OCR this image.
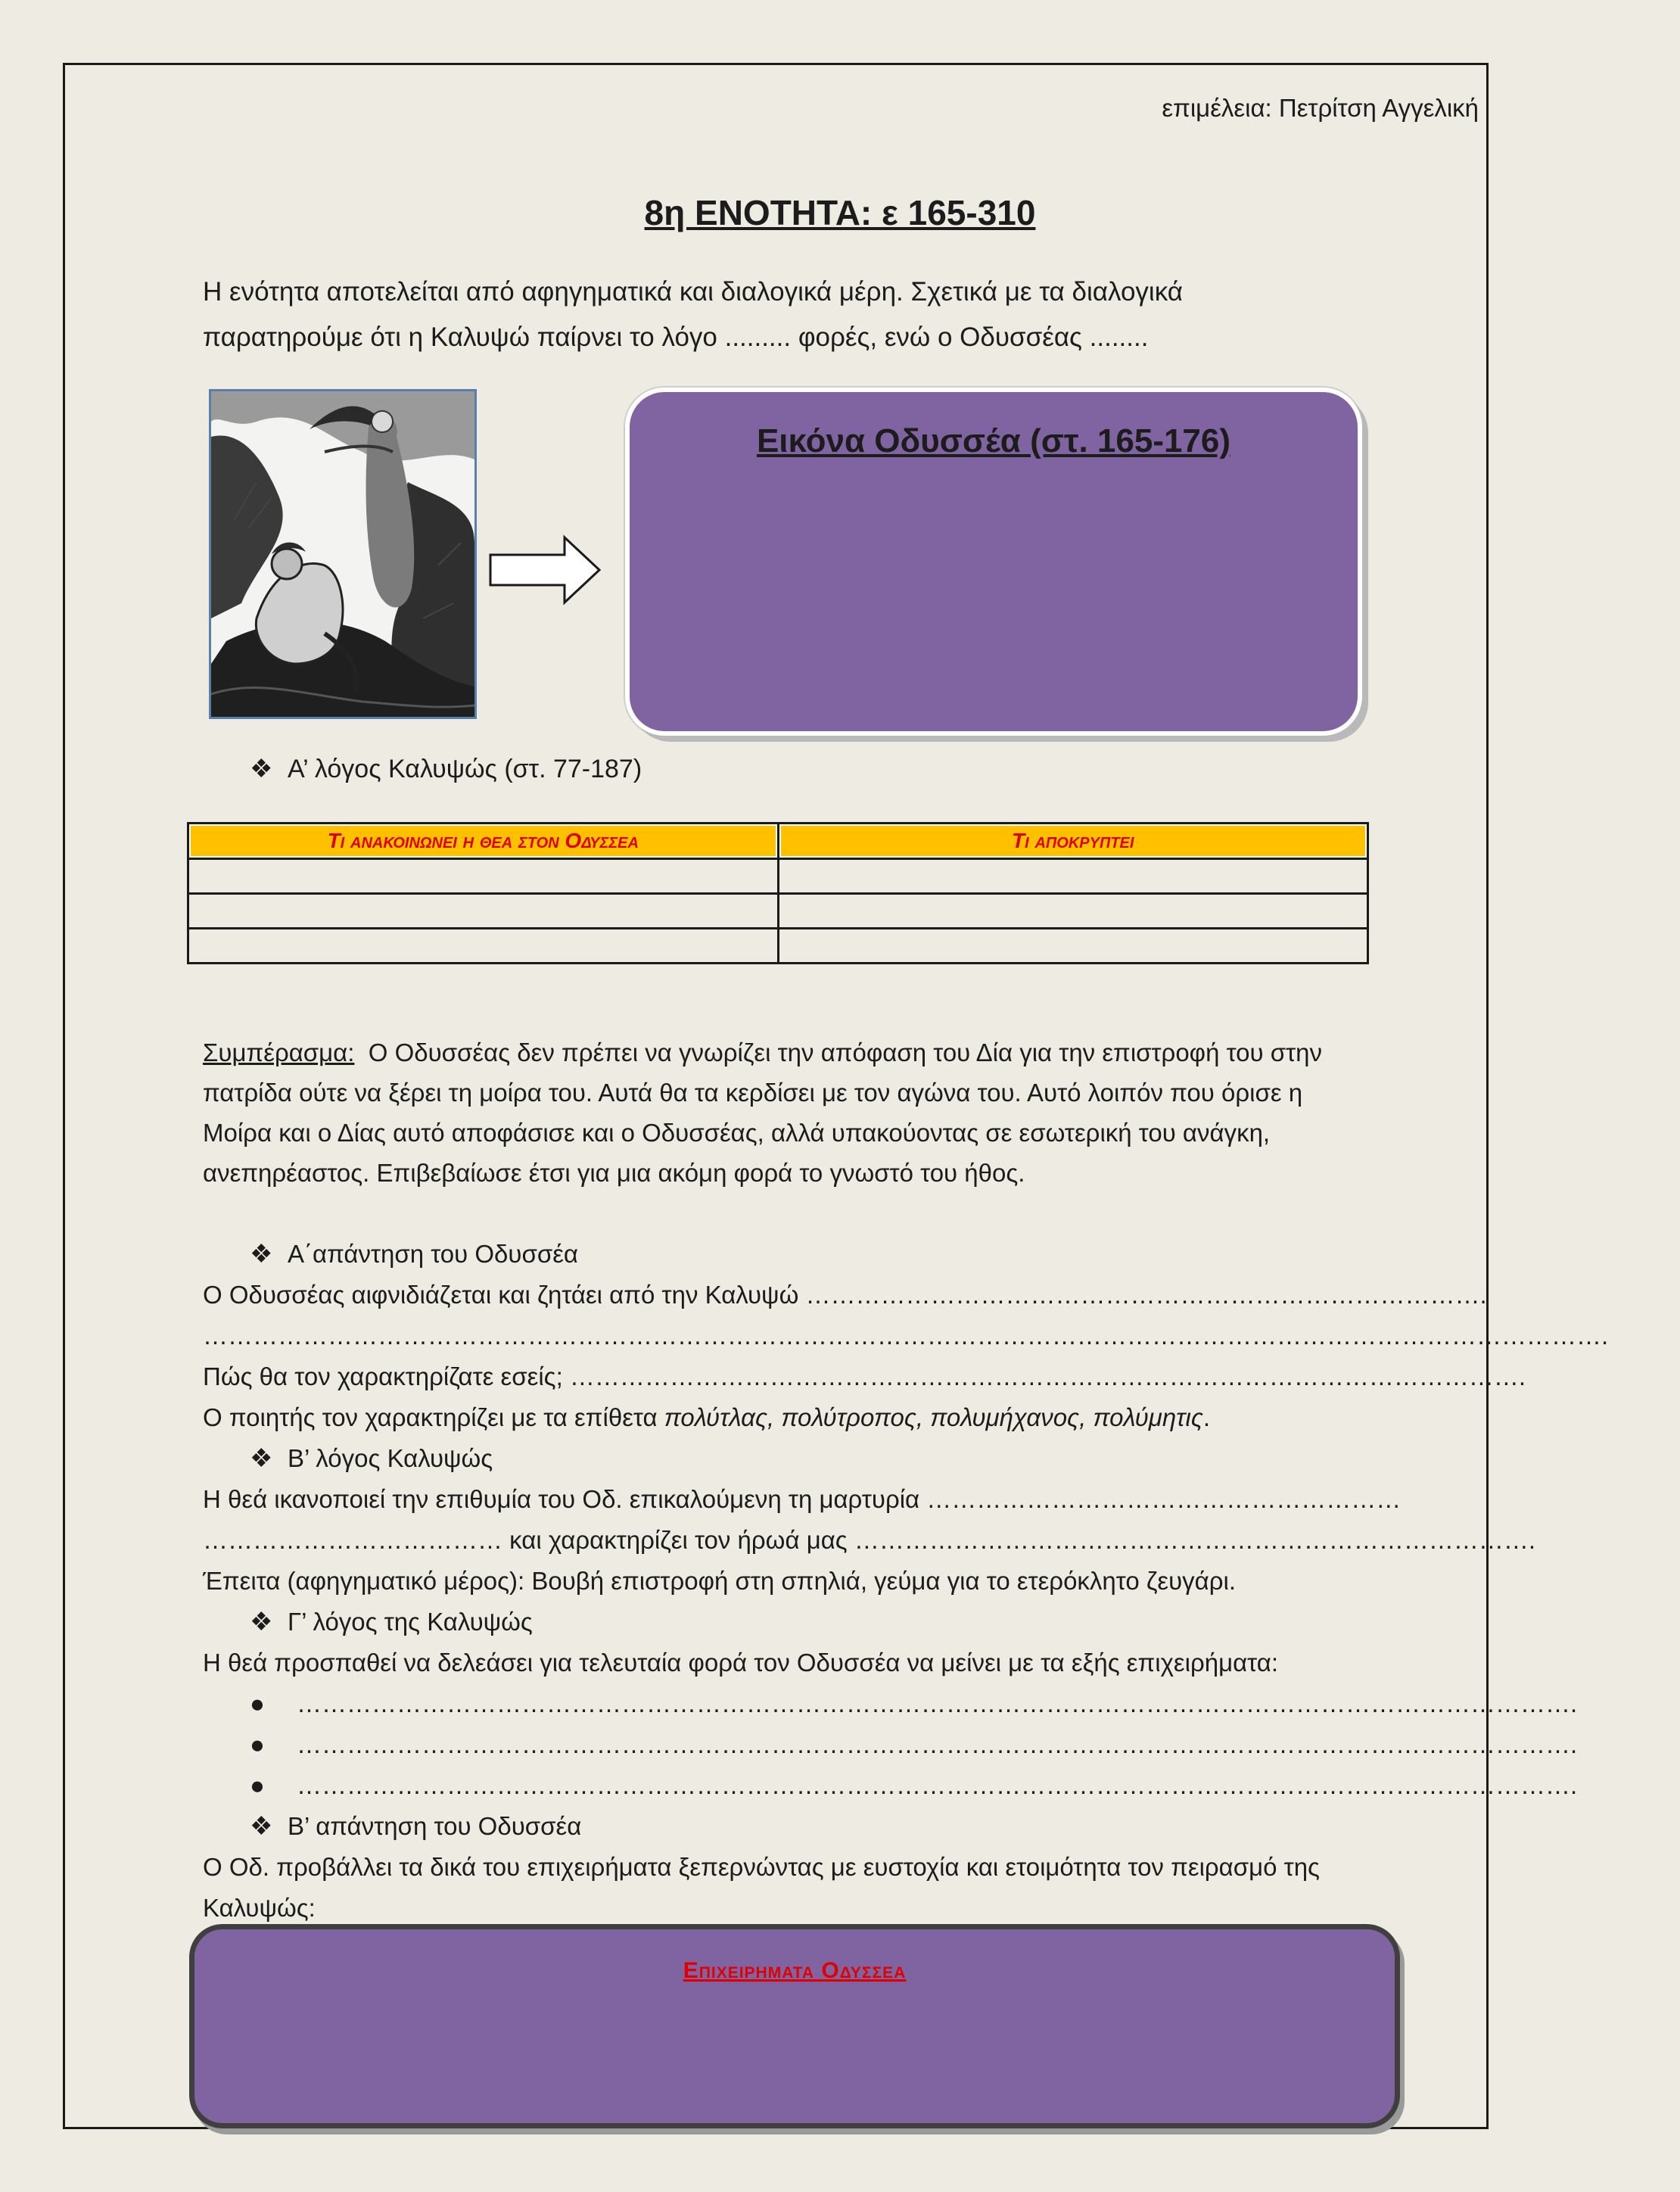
επιμέλεια: Πετρίτση Αγγελική
8η ΕΝΟΤΗΤΑ: ε 165-310
Η ενότητα αποτελείται από αφηγηματικά και διαλογικά μέρη. Σχετικά με τα διαλογικά
παρατηρούμε ότι η Καλυψώ παίρνει το λόγο ......... φορές, ενώ ο Οδυσσέας ........
Εικόνα Οδυσσέα (στ. 165-176)
❖ Α’ λόγος Καλυψώς (στ. 77-187)
Τι ανακοινωνει η θεα στον Οδυσσεα	Τι αποκρυπτει

Συμπέρασμα: Ο Οδυσσέας δεν πρέπει να γνωρίζει την απόφαση του Δία για την επιστροφή του στην
πατρίδα ούτε να ξέρει τη μοίρα του. Αυτά θα τα κερδίσει με τον αγώνα του. Αυτό λοιπόν που όρισε η
Μοίρα και ο Δίας αυτό αποφάσισε και ο Οδυσσέας, αλλά υπακούοντας σε εσωτερική του ανάγκη,
ανεπηρέαστος. Επιβεβαίωσε έτσι για μια ακόμη φορά το γνωστό του ήθος.
❖ Α΄απάντηση του Οδυσσέα
Ο Οδυσσέας αιφνιδιάζεται και ζητάει από την Καλυψώ ……………………………………………………………………….
…………………………………………………………………………………………………………………………………………………….
Πώς θα τον χαρακτηρίζατε εσείς; …………………………………………………………………………………………………….
Ο ποιητής τον χαρακτηρίζει με τα επίθετα πολύτλας, πολύτροπος, πολυμήχανος, πολύμητις.
❖ Β’ λόγος Καλυψώς
Η θεά ικανοποιεί την επιθυμία του Οδ. επικαλούμενη τη μαρτυρία …………………………………………………
……………………………… και χαρακτηρίζει τον ήρωά μας ……………………………………………………………………….
Έπειτα (αφηγηματικό μέρος): Βουβή επιστροφή στη σπηλιά, γεύμα για το ετερόκλητο ζευγάρι.
❖ Γ’ λόγος της Καλυψώς
Η θεά προσπαθεί να δελεάσει για τελευταία φορά τον Οδυσσέα να μείνει με τα εξής επιχειρήματα:
● ……………………………………………………………………………………………………………………………………….
● ……………………………………………………………………………………………………………………………………….
● ……………………………………………………………………………………………………………………………………….
❖ Β’ απάντηση του Οδυσσέα
Ο Οδ. προβάλλει τα δικά του επιχειρήματα ξεπερνώντας με ευστοχία και ετοιμότητα τον πειρασμό της
Καλυψώς:
Επιχειρηματα Οδυσσεα
